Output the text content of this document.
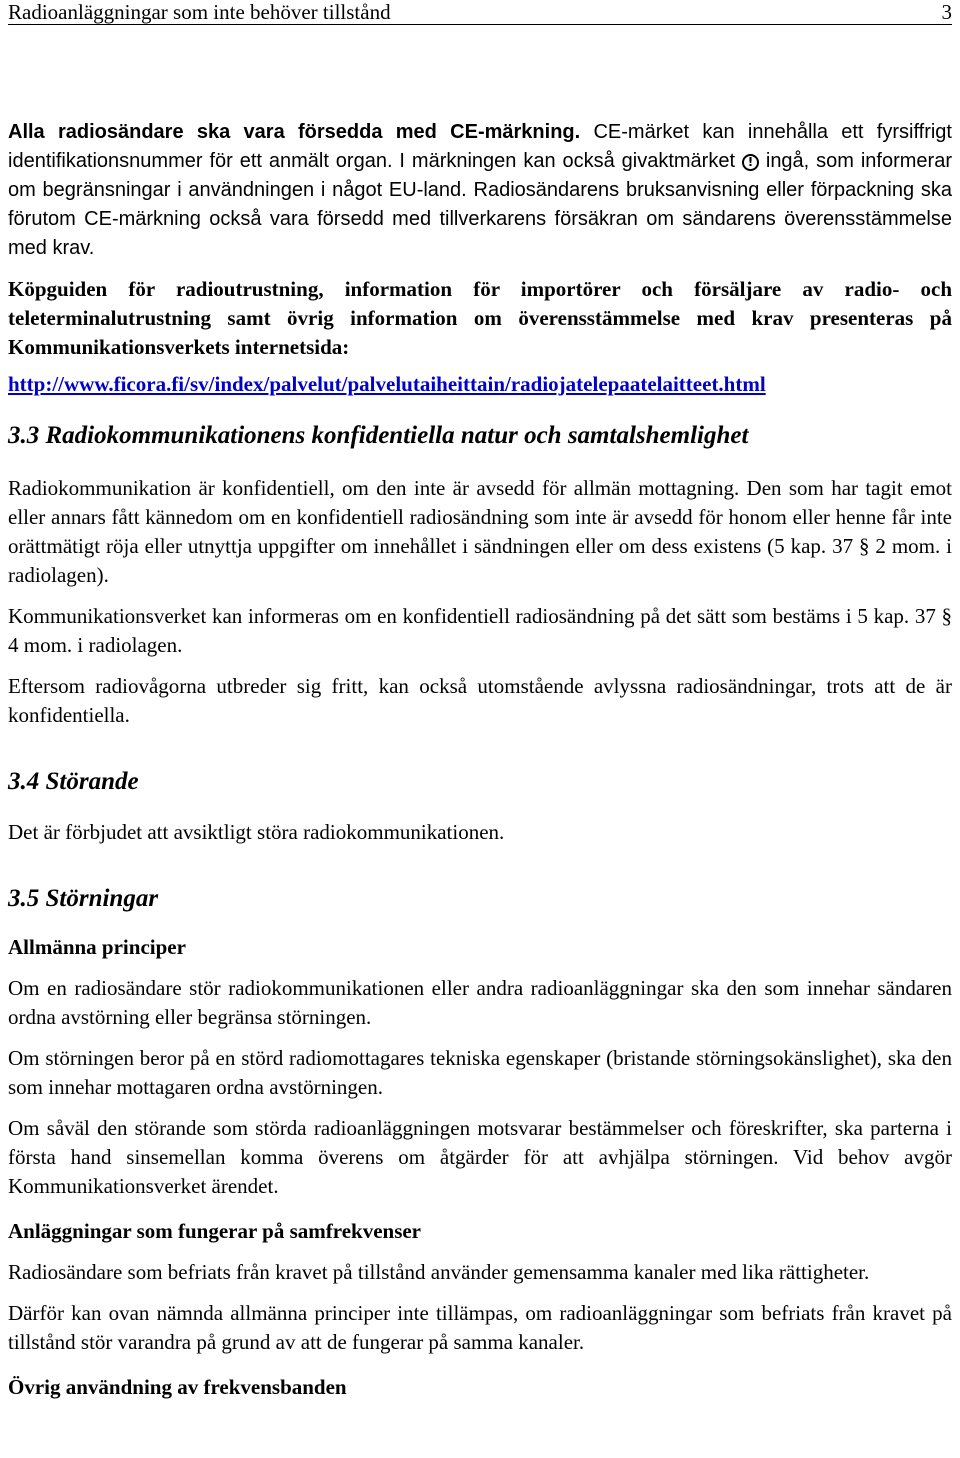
Radioanläggningar som inte behöver tillstånd	3

Alla radiosändare ska vara försedda med CE-märkning. CE-märket kan innehålla ett fyrsiffrigt identifikationsnummer för ett anmält organ. I märkningen kan också givaktmärket ! ingå, som informerar om begränsningar i användningen i något EU-land. Radiosändarens bruksanvisning eller förpackning ska förutom CE-märkning också vara försedd med tillverkarens försäkran om sändarens överensstämmelse med krav.

Köpguiden för radioutrustning, information för importörer och försäljare av radio- och teleterminalutrustning samt övrig information om överensstämmelse med krav presenteras på Kommunikationsverkets internetsida:

http://www.ficora.fi/sv/index/palvelut/palvelutaiheittain/radiojatelepaatelaitteet.html

3.3 Radiokommunikationens konfidentiella natur och samtalshemlighet

Radiokommunikation är konfidentiell, om den inte är avsedd för allmän mottagning. Den som har tagit emot eller annars fått kännedom om en konfidentiell radiosändning som inte är avsedd för honom eller henne får inte orättmätigt röja eller utnyttja uppgifter om innehållet i sändningen eller om dess existens (5 kap. 37 § 2 mom. i radiolagen).

Kommunikationsverket kan informeras om en konfidentiell radiosändning på det sätt som bestäms i 5 kap. 37 § 4 mom. i radiolagen.

Eftersom radiovågorna utbreder sig fritt, kan också utomstående avlyssna radiosändningar, trots att de är konfidentiella.

3.4 Störande

Det är förbjudet att avsiktligt störa radiokommunikationen.

3.5 Störningar
Allmänna principer

Om en radiosändare stör radiokommunikationen eller andra radioanläggningar ska den som innehar sändaren ordna avstörning eller begränsa störningen.

Om störningen beror på en störd radiomottagares tekniska egenskaper (bristande störningsokänslighet), ska den som innehar mottagaren ordna avstörningen.

Om såväl den störande som störda radioanläggningen motsvarar bestämmelser och föreskrifter, ska parterna i första hand sinsemellan komma överens om åtgärder för att avhjälpa störningen. Vid behov avgör Kommunikationsverket ärendet.

Anläggningar som fungerar på samfrekvenser

Radiosändare som befriats från kravet på tillstånd använder gemensamma kanaler med lika rättigheter.

Därför kan ovan nämnda allmänna principer inte tillämpas, om radioanläggningar som befriats från kravet på tillstånd stör varandra på grund av att de fungerar på samma kanaler.

Övrig användning av frekvensbanden
